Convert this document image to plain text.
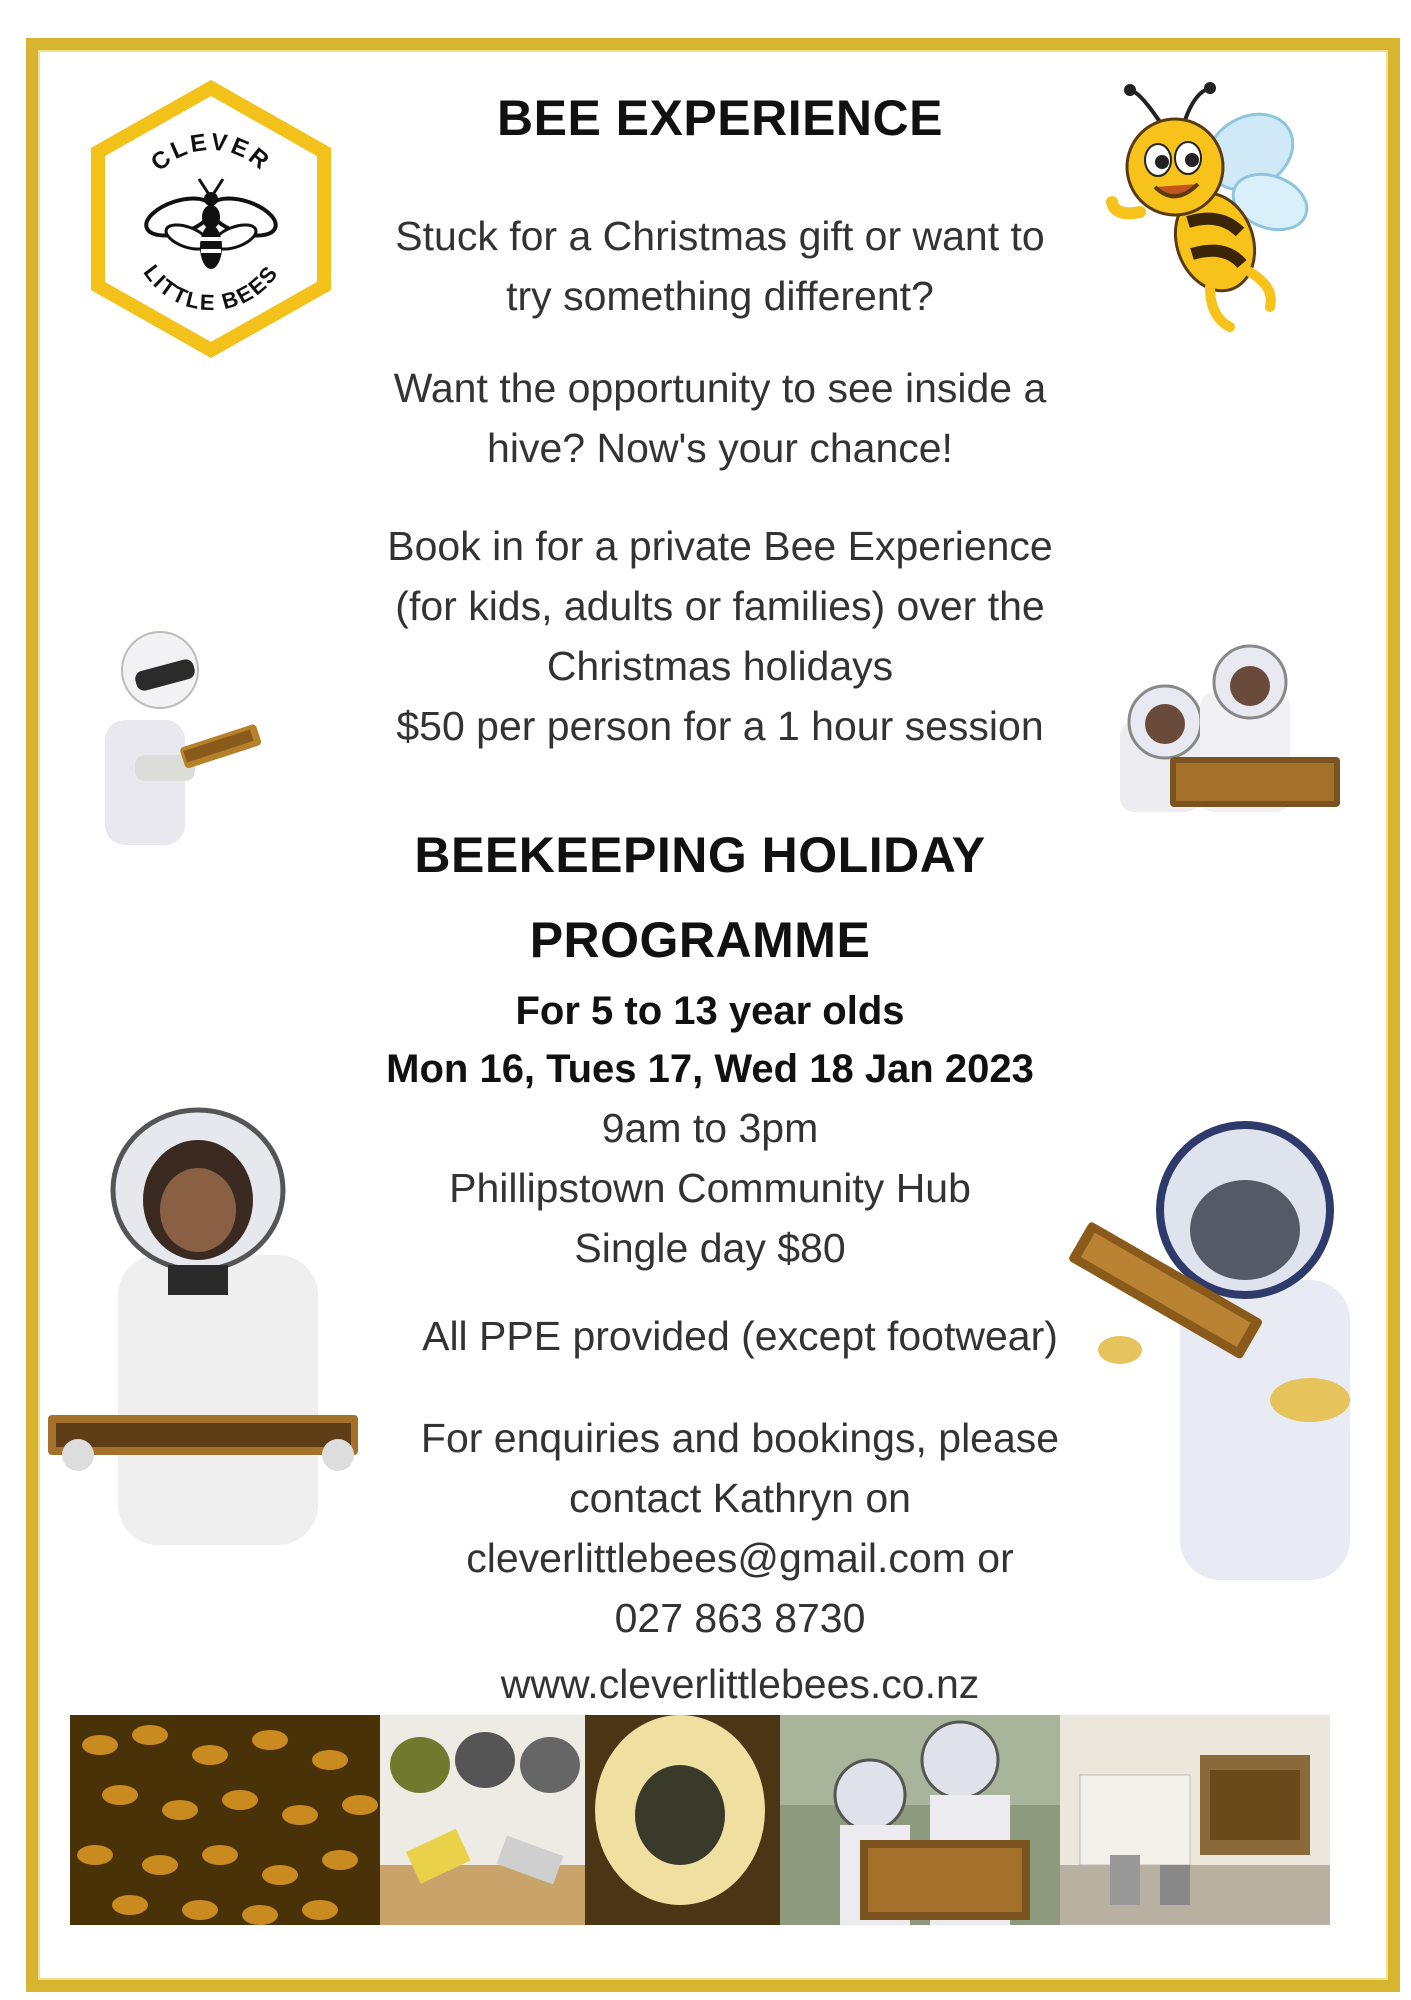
CLEVER
LITTLE BEES
BEE EXPERIENCE
Stuck for a Christmas gift or want to
try something different?
Want the opportunity to see inside a
hive? Now's your chance!
Book in for a private Bee Experience
(for kids, adults or families) over the
Christmas holidays
$50 per person for a 1 hour session
BEEKEEPING HOLIDAY
PROGRAMME
For 5 to 13 year olds
Mon 16, Tues 17, Wed 18 Jan 2023
9am to 3pm
Phillipstown Community Hub
Single day $80
All PPE provided (except footwear)
For enquiries and bookings, please
contact Kathryn on
cleverlittlebees@gmail.com or
027 863 8730
www.cleverlittlebees.co.nz
